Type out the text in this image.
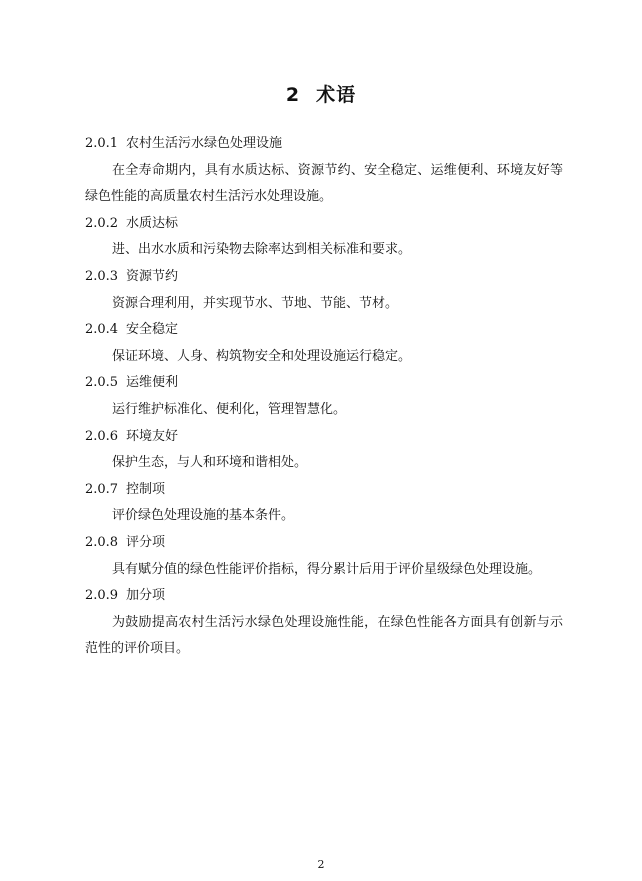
2 术语
2.0.1 农村生活污水绿色处理设施
在全寿命期内，具有水质达标、资源节约、安全稳定、运维便利、环境友好等绿色性能的高质量农村生活污水处理设施。
2.0.2 水质达标
进、出水水质和污染物去除率达到相关标准和要求。
2.0.3 资源节约
资源合理利用，并实现节水、节地、节能、节材。
2.0.4 安全稳定
保证环境、人身、构筑物安全和处理设施运行稳定。
2.0.5 运维便利
运行维护标准化、便利化，管理智慧化。
2.0.6 环境友好
保护生态，与人和环境和谐相处。
2.0.7 控制项
评价绿色处理设施的基本条件。
2.0.8 评分项
具有赋分值的绿色性能评价指标，得分累计后用于评价星级绿色处理设施。
2.0.9 加分项
为鼓励提高农村生活污水绿色处理设施性能，在绿色性能各方面具有创新与示范性的评价项目。
2
